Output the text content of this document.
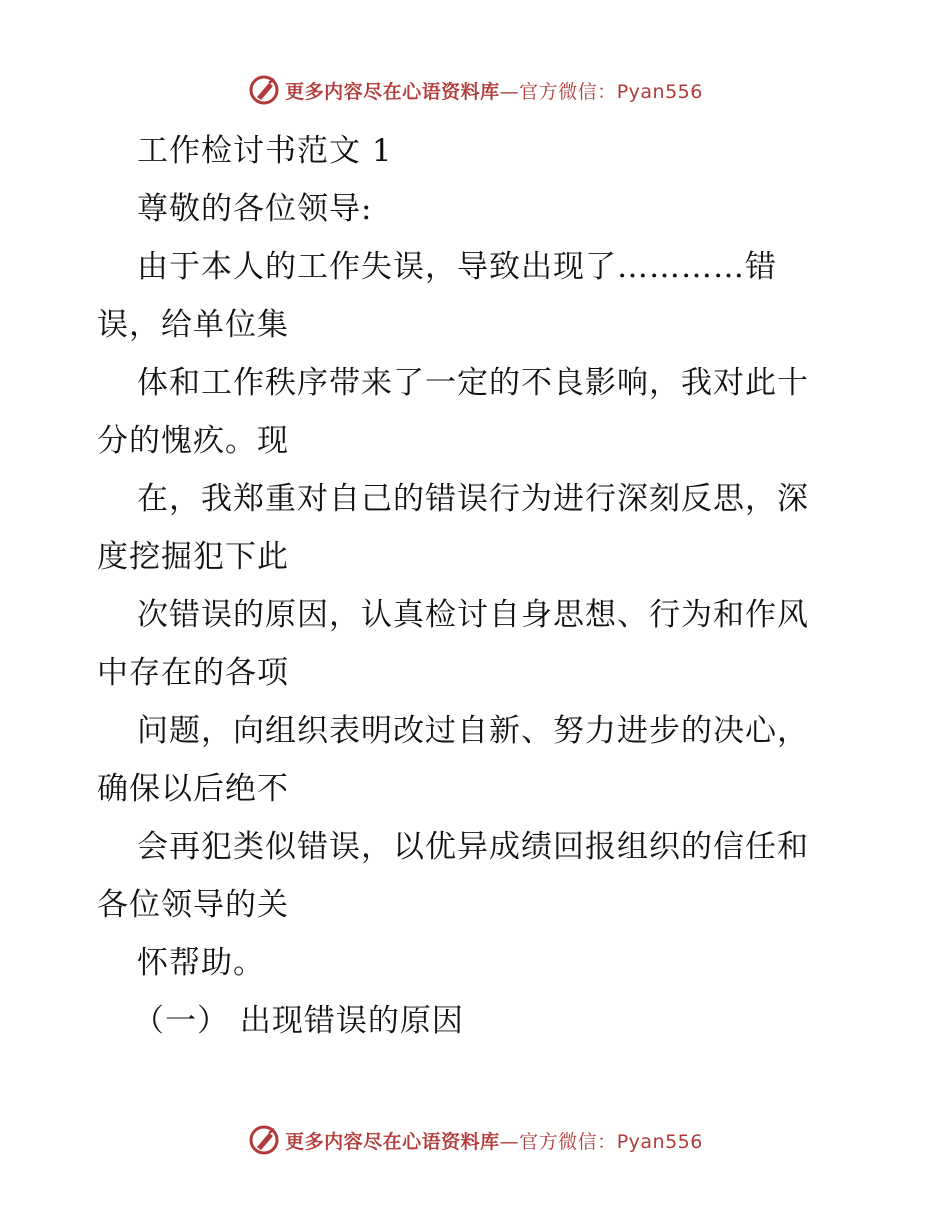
更多内容尽在心语资料库—官方微信：Pyan556
工作检讨书范文 1
尊敬的各位领导:
由于本人的工作失误，导致出现了…………错
误，给单位集
体和工作秩序带来了一定的不良影响，我对此十
分的愧疚。现
在，我郑重对自己的错误行为进行深刻反思，深
度挖掘犯下此
次错误的原因，认真检讨自身思想、行为和作风
中存在的各项
问题，向组织表明改过自新、努力进步的决心，
确保以后绝不
会再犯类似错误，以优异成绩回报组织的信任和
各位领导的关
怀帮助。
（一） 出现错误的原因
更多内容尽在心语资料库—官方微信：Pyan556
